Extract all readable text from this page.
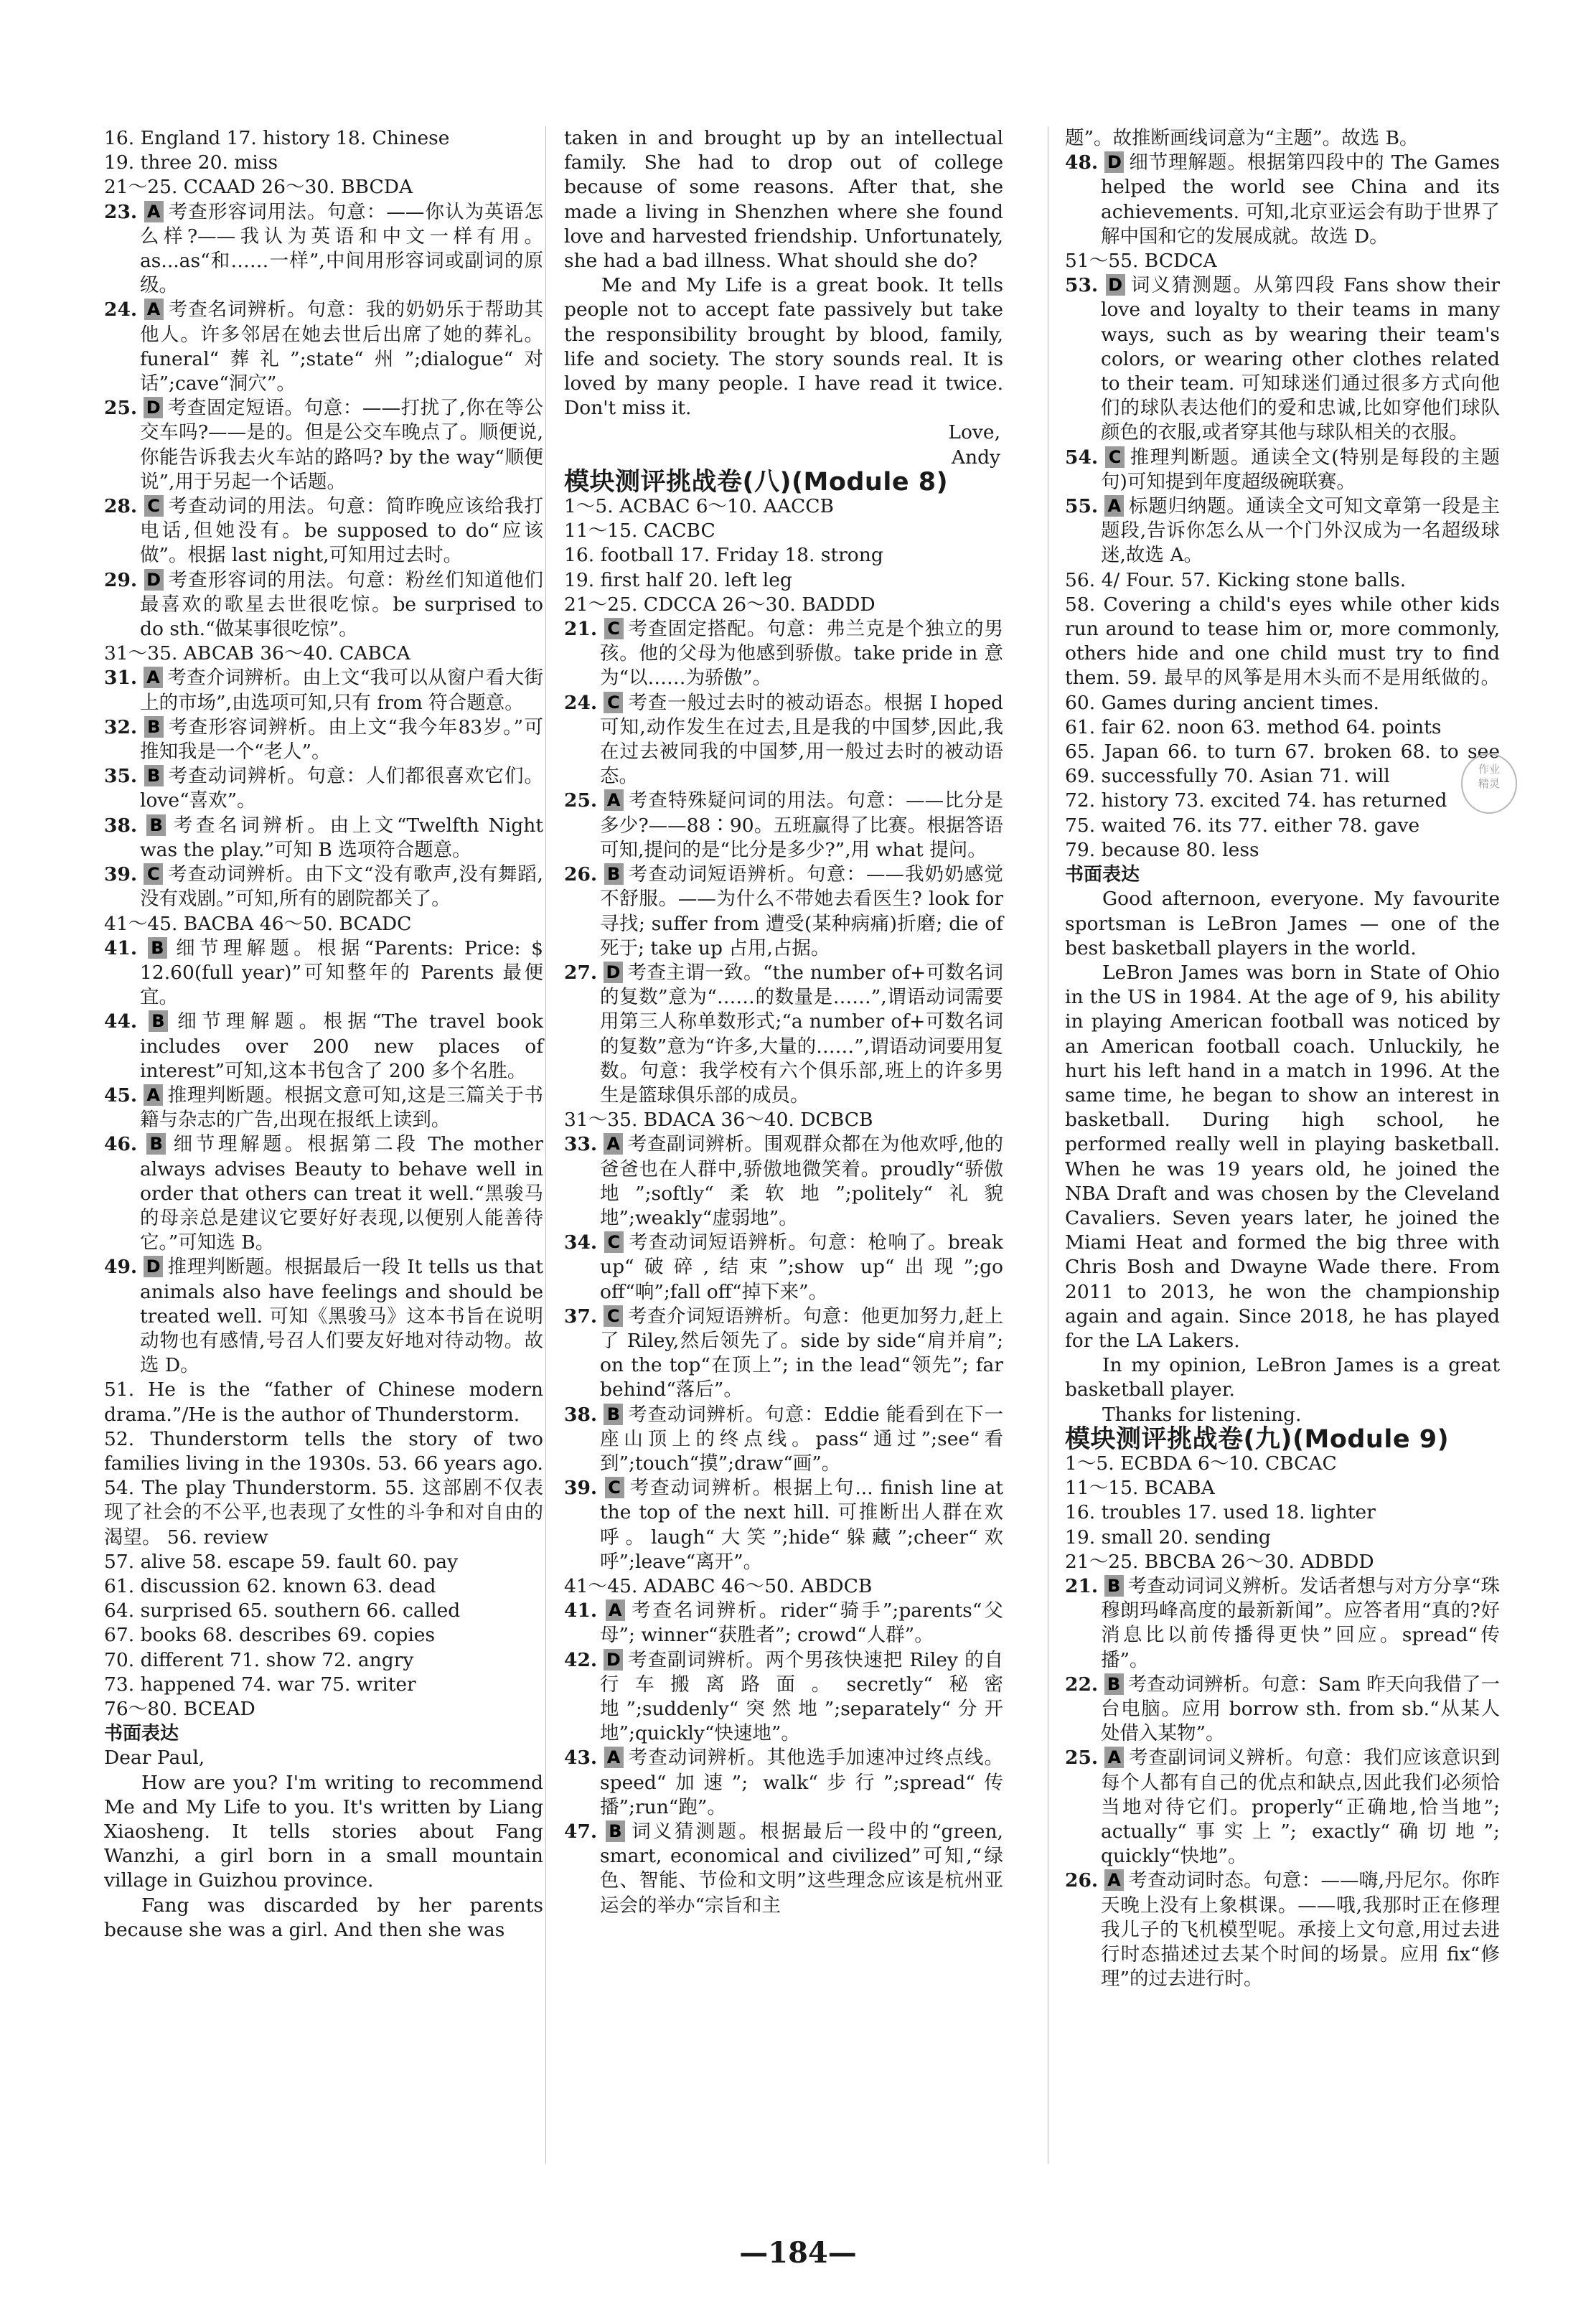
16. England 17. history 18. Chinese

19. three 20. miss

21～25. CCAAD 26～30. BBCDA

23. A 考查形容词用法。句意：——你认为英语怎么样?——我认为英语和中文一样有用。as...as“和……一样”,中间用形容词或副词的原级。

24. A 考查名词辨析。句意：我的奶奶乐于帮助其他人。许多邻居在她去世后出席了她的葬礼。funeral“葬礼”;state“州”;dialogue“对话”;cave“洞穴”。

25. D 考查固定短语。句意：——打扰了,你在等公交车吗?——是的。但是公交车晚点了。顺便说,你能告诉我去火车站的路吗? by the way“顺便说”,用于另起一个话题。

28. C 考查动词的用法。句意：简昨晚应该给我打电话,但她没有。be supposed to do“应该做”。根据 last night,可知用过去时。

29. D 考查形容词的用法。句意：粉丝们知道他们最喜欢的歌星去世很吃惊。be surprised to do sth.“做某事很吃惊”。

31～35. ABCAB 36～40. CABCA

31. A 考查介词辨析。由上文“我可以从窗户看大街上的市场”,由选项可知,只有 from 符合题意。

32. B 考查形容词辨析。由上文“我今年83岁。”可推知我是一个“老人”。

35. B 考查动词辨析。句意：人们都很喜欢它们。love“喜欢”。

38. B 考查名词辨析。由上文“Twelfth Night was the play.”可知 B 选项符合题意。

39. C 考查动词辨析。由下文“没有歌声,没有舞蹈,没有戏剧。”可知,所有的剧院都关了。

41～45. BACBA 46～50. BCADC

41. B 细节理解题。根据“Parents: Price: $ 12.60(full year)”可知整年的 Parents 最便宜。

44. B 细节理解题。根据“The travel book includes over 200 new places of interest”可知,这本书包含了 200 多个名胜。

45. A 推理判断题。根据文意可知,这是三篇关于书籍与杂志的广告,出现在报纸上读到。

46. B 细节理解题。根据第二段 The mother always advises Beauty to behave well in order that others can treat it well.“黑骏马的母亲总是建议它要好好表现,以便别人能善待它。”可知选 B。

49. D 推理判断题。根据最后一段 It tells us that animals also have feelings and should be treated well. 可知《黑骏马》这本书旨在说明动物也有感情,号召人们要友好地对待动物。故选 D。

51. He is the “father of Chinese modern drama.”/He is the author of Thunderstorm.

52. Thunderstorm tells the story of two families living in the 1930s. 53. 66 years ago. 54. The play Thunderstorm. 55. 这部剧不仅表现了社会的不公平,也表现了女性的斗争和对自由的渴望。 56. review

57. alive 58. escape 59. fault 60. pay

61. discussion 62. known 63. dead

64. surprised 65. southern 66. called

67. books 68. describes 69. copies

70. different 71. show 72. angry

73. happened 74. war 75. writer

76～80. BCEAD

书面表达

Dear Paul,

How are you? I'm writing to recommend Me and My Life to you. It's written by Liang Xiaosheng. It tells stories about Fang Wanzhi, a girl born in a small mountain village in Guizhou province.

Fang was discarded by her parents because she was a girl. And then she was

taken in and brought up by an intellectual family. She had to drop out of college because of some reasons. After that, she made a living in Shenzhen where she found love and harvested friendship. Unfortunately, she had a bad illness. What should she do?

Me and My Life is a great book. It tells people not to accept fate passively but take the responsibility brought by blood, family, life and society. The story sounds real. It is loved by many people. I have read it twice. Don't miss it.

Love,

Andy

模块测评挑战卷(八)(Module 8)

1～5. ACBAC 6～10. AACCB

11～15. CACBC

16. football 17. Friday 18. strong

19. first half 20. left leg

21～25. CDCCA 26～30. BADDD

21. C 考查固定搭配。句意：弗兰克是个独立的男孩。他的父母为他感到骄傲。take pride in 意为“以……为骄傲”。

24. C 考查一般过去时的被动语态。根据 I hoped 可知,动作发生在过去,且是我的中国梦,因此,我在过去被同我的中国梦,用一般过去时的被动语态。

25. A 考查特殊疑问词的用法。句意：——比分是多少?——88∶90。五班赢得了比赛。根据答语可知,提问的是“比分是多少?”,用 what 提问。

26. B 考查动词短语辨析。句意：——我奶奶感觉不舒服。——为什么不带她去看医生? look for 寻找; suffer from 遭受(某种病痛)折磨; die of 死于; take up 占用,占据。

27. D 考查主谓一致。“the number of+可数名词的复数”意为“……的数量是……”,谓语动词需要用第三人称单数形式;“a number of+可数名词的复数”意为“许多,大量的……”,谓语动词要用复数。句意：我学校有六个俱乐部,班上的许多男生是篮球俱乐部的成员。

31～35. BDACA 36～40. DCBCB

33. A 考查副词辨析。围观群众都在为他欢呼,他的爸爸也在人群中,骄傲地微笑着。proudly“骄傲地”;softly“柔软地”;politely“礼貌地”;weakly“虚弱地”。

34. C 考查动词短语辨析。句意：枪响了。break up“破碎,结束”;show up“出现”;go off“响”;fall off“掉下来”。

37. C 考查介词短语辨析。句意：他更加努力,赶上了 Riley,然后领先了。side by side“肩并肩”; on the top“在顶上”; in the lead“领先”; far behind“落后”。

38. B 考查动词辨析。句意：Eddie 能看到在下一座山顶上的终点线。pass“通过”;see“看到”;touch“摸”;draw“画”。

39. C 考查动词辨析。根据上句... finish line at the top of the next hill. 可推断出人群在欢呼。laugh“大笑”;hide“躲藏”;cheer“欢呼”;leave“离开”。

41～45. ADABC 46～50. ABDCB

41. A 考查名词辨析。rider“骑手”;parents“父母”; winner“获胜者”; crowd“人群”。

42. D 考查副词辨析。两个男孩快速把 Riley 的自行车搬离路面。secretly“秘密地”;suddenly“突然地”;separately“分开地”;quickly“快速地”。

43. A 考查动词辨析。其他选手加速冲过终点线。speed“加速”; walk“步行”;spread“传播”;run“跑”。

47. B 词义猜测题。根据最后一段中的“green, smart, economical and civilized”可知,“绿色、智能、节俭和文明”这些理念应该是杭州亚运会的举办“宗旨和主

题”。故推断画线词意为“主题”。故选 B。

48. D 细节理解题。根据第四段中的 The Games helped the world see China and its achievements. 可知,北京亚运会有助于世界了解中国和它的发展成就。故选 D。

51～55. BCDCA

53. D 词义猜测题。从第四段 Fans show their love and loyalty to their teams in many ways, such as by wearing their team's colors, or wearing other clothes related to their team. 可知球迷们通过很多方式向他们的球队表达他们的爱和忠诚,比如穿他们球队颜色的衣服,或者穿其他与球队相关的衣服。

54. C 推理判断题。通读全文(特别是每段的主题句)可知提到年度超级碗联赛。

55. A 标题归纳题。通读全文可知文章第一段是主题段,告诉你怎么从一个门外汉成为一名超级球迷,故选 A。

56. 4/ Four. 57. Kicking stone balls.

58. Covering a child's eyes while other kids run around to tease him or, more commonly, others hide and one child must try to find them. 59. 最早的风筝是用木头而不是用纸做的。 60. Games during ancient times.

61. fair 62. noon 63. method 64. points

65. Japan 66. to turn 67. broken 68. to see 69. successfully 70. Asian 71. will

72. history 73. excited 74. has returned

75. waited 76. its 77. either 78. gave

79. because 80. less

书面表达

Good afternoon, everyone. My favourite sportsman is LeBron James — one of the best basketball players in the world.

LeBron James was born in State of Ohio in the US in 1984. At the age of 9, his ability in playing American football was noticed by an American football coach. Unluckily, he hurt his left hand in a match in 1996. At the same time, he began to show an interest in basketball. During high school, he performed really well in playing basketball. When he was 19 years old, he joined the NBA Draft and was chosen by the Cleveland Cavaliers. Seven years later, he joined the Miami Heat and formed the big three with Chris Bosh and Dwayne Wade there. From 2011 to 2013, he won the championship again and again. Since 2018, he has played for the LA Lakers.

In my opinion, LeBron James is a great basketball player.

Thanks for listening.

模块测评挑战卷(九)(Module 9)

1～5. ECBDA 6～10. CBCAC

11～15. BCABA

16. troubles 17. used 18. lighter

19. small 20. sending

21～25. BBCBA 26～30. ADBDD

21. B 考查动词词义辨析。发话者想与对方分享“珠穆朗玛峰高度的最新新闻”。应答者用“真的?好消息比以前传播得更快”回应。spread“传播”。

22. B 考查动词辨析。句意：Sam 昨天向我借了一台电脑。应用 borrow sth. from sb.“从某人处借入某物”。

25. A 考查副词词义辨析。句意：我们应该意识到每个人都有自己的优点和缺点,因此我们必须恰当地对待它们。properly“正确地,恰当地”; actually“事实上”; exactly“确切地”; quickly“快地”。

26. A 考查动词时态。句意：——嗨,丹尼尔。你昨天晚上没有上象棋课。——哦,我那时正在修理我儿子的飞机模型呢。承接上文句意,用过去进行时态描述过去某个时间的场景。应用 fix“修理”的过去进行时。

作业
精灵
—184—
